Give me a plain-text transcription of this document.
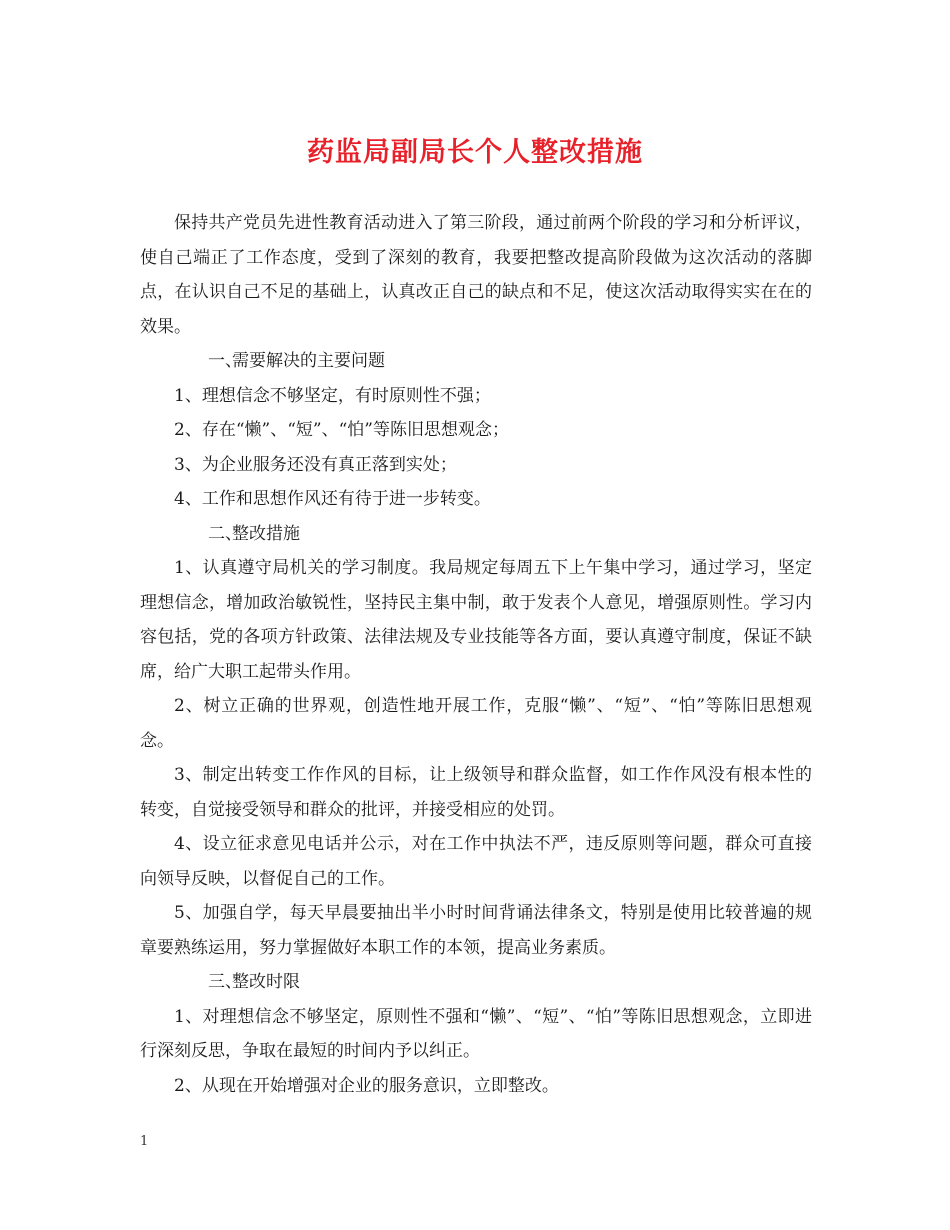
药监局副局长个人整改措施

保持共产党员先进性教育活动进入了第三阶段，通过前两个阶段的学习和分析评议，使自己端正了工作态度，受到了深刻的教育，我要把整改提高阶段做为这次活动的落脚点，在认识自己不足的基础上，认真改正自己的缺点和不足，使这次活动取得实实在在的效果。

一、需要解决的主要问题

1、理想信念不够坚定，有时原则性不强；

2、存在“懒”、“短”、“怕”等陈旧思想观念；

3、为企业服务还没有真正落到实处；

4、工作和思想作风还有待于进一步转变。

二、整改措施

1、认真遵守局机关的学习制度。我局规定每周五下上午集中学习，通过学习，坚定理想信念，增加政治敏锐性，坚持民主集中制，敢于发表个人意见，增强原则性。学习内容包括，党的各项方针政策、法律法规及专业技能等各方面，要认真遵守制度，保证不缺席，给广大职工起带头作用。

2、树立正确的世界观，创造性地开展工作，克服“懒”、“短”、“怕”等陈旧思想观念。

3、制定出转变工作作风的目标，让上级领导和群众监督，如工作作风没有根本性的转变，自觉接受领导和群众的批评，并接受相应的处罚。

4、设立征求意见电话并公示，对在工作中执法不严，违反原则等问题，群众可直接向领导反映，以督促自己的工作。

5、加强自学，每天早晨要抽出半小时时间背诵法律条文，特别是使用比较普遍的规章要熟练运用，努力掌握做好本职工作的本领，提高业务素质。

三、整改时限

1、对理想信念不够坚定，原则性不强和“懒”、“短”、“怕”等陈旧思想观念，立即进行深刻反思，争取在最短的时间内予以纠正。

2、从现在开始增强对企业的服务意识，立即整改。

1
